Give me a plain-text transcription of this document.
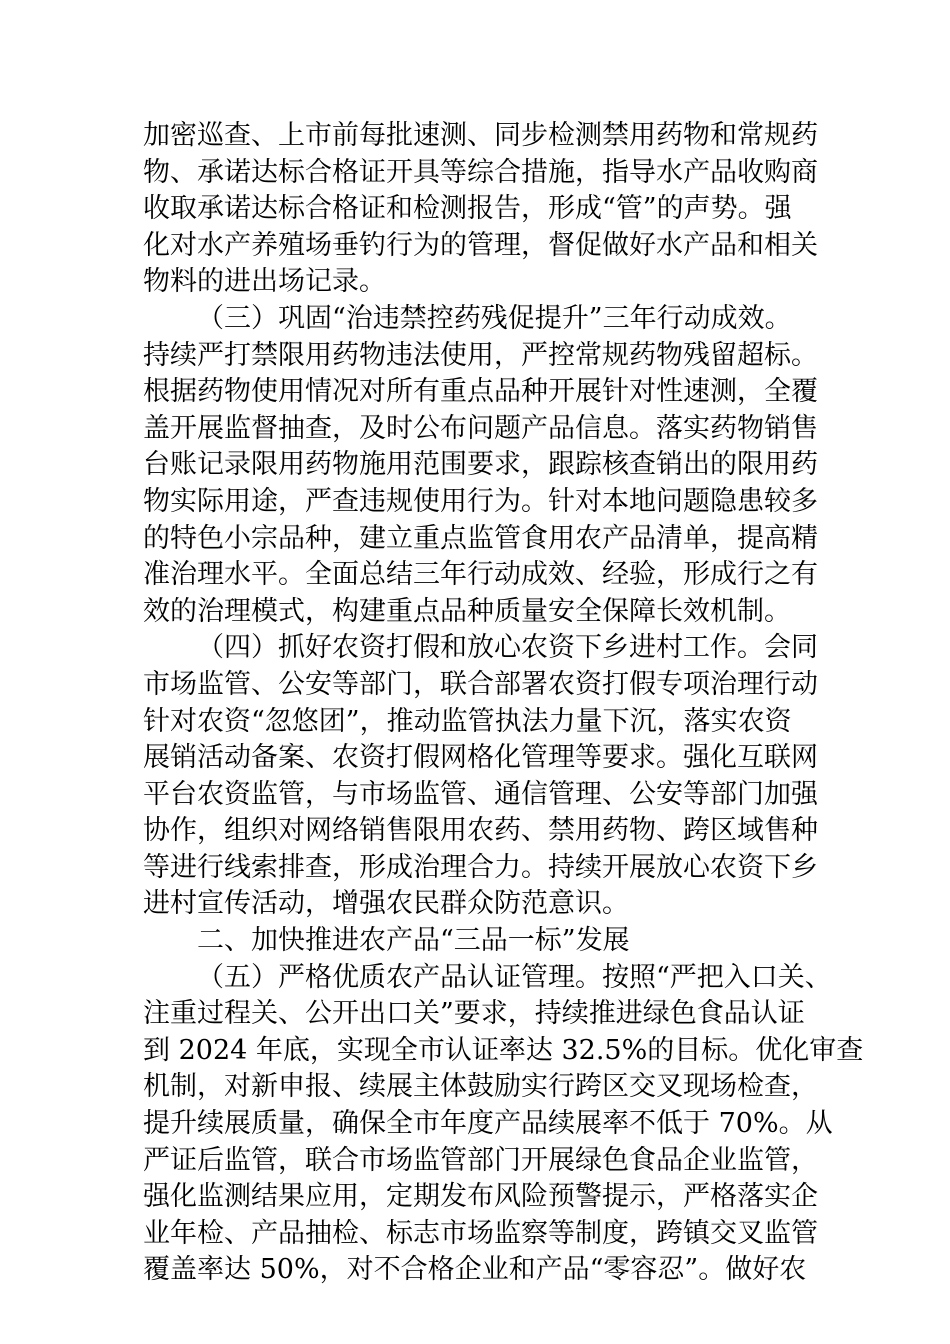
加密巡查、上市前每批速测、同步检测禁用药物和常规药
物、承诺达标合格证开具等综合措施，指导水产品收购商
收取承诺达标合格证和检测报告，形成“管”的声势。强
化对水产养殖场垂钓行为的管理，督促做好水产品和相关
物料的进出场记录。
（三）巩固“治违禁控药残促提升”三年行动成效。
持续严打禁限用药物违法使用，严控常规药物残留超标。
根据药物使用情况对所有重点品种开展针对性速测，全覆
盖开展监督抽查，及时公布问题产品信息。落实药物销售
台账记录限用药物施用范围要求，跟踪核查销出的限用药
物实际用途，严查违规使用行为。针对本地问题隐患较多
的特色小宗品种，建立重点监管食用农产品清单，提高精
准治理水平。全面总结三年行动成效、经验，形成行之有
效的治理模式，构建重点品种质量安全保障长效机制。
（四）抓好农资打假和放心农资下乡进村工作。会同
市场监管、公安等部门，联合部署农资打假专项治理行动
针对农资“忽悠团”，推动监管执法力量下沉，落实农资
展销活动备案、农资打假网格化管理等要求。强化互联网
平台农资监管，与市场监管、通信管理、公安等部门加强
协作，组织对网络销售限用农药、禁用药物、跨区域售种
等进行线索排查，形成治理合力。持续开展放心农资下乡
进村宣传活动，增强农民群众防范意识。
二、加快推进农产品“三品一标”发展
（五）严格优质农产品认证管理。按照“严把入口关、
注重过程关、公开出口关”要求，持续推进绿色食品认证
到 2024 年底，实现全市认证率达 32.5%的目标。优化审查
机制，对新申报、续展主体鼓励实行跨区交叉现场检查，
提升续展质量，确保全市年度产品续展率不低于 70%。从
严证后监管，联合市场监管部门开展绿色食品企业监管，
强化监测结果应用，定期发布风险预警提示，严格落实企
业年检、产品抽检、标志市场监察等制度，跨镇交叉监管
覆盖率达 50%，对不合格企业和产品“零容忍”。做好农
